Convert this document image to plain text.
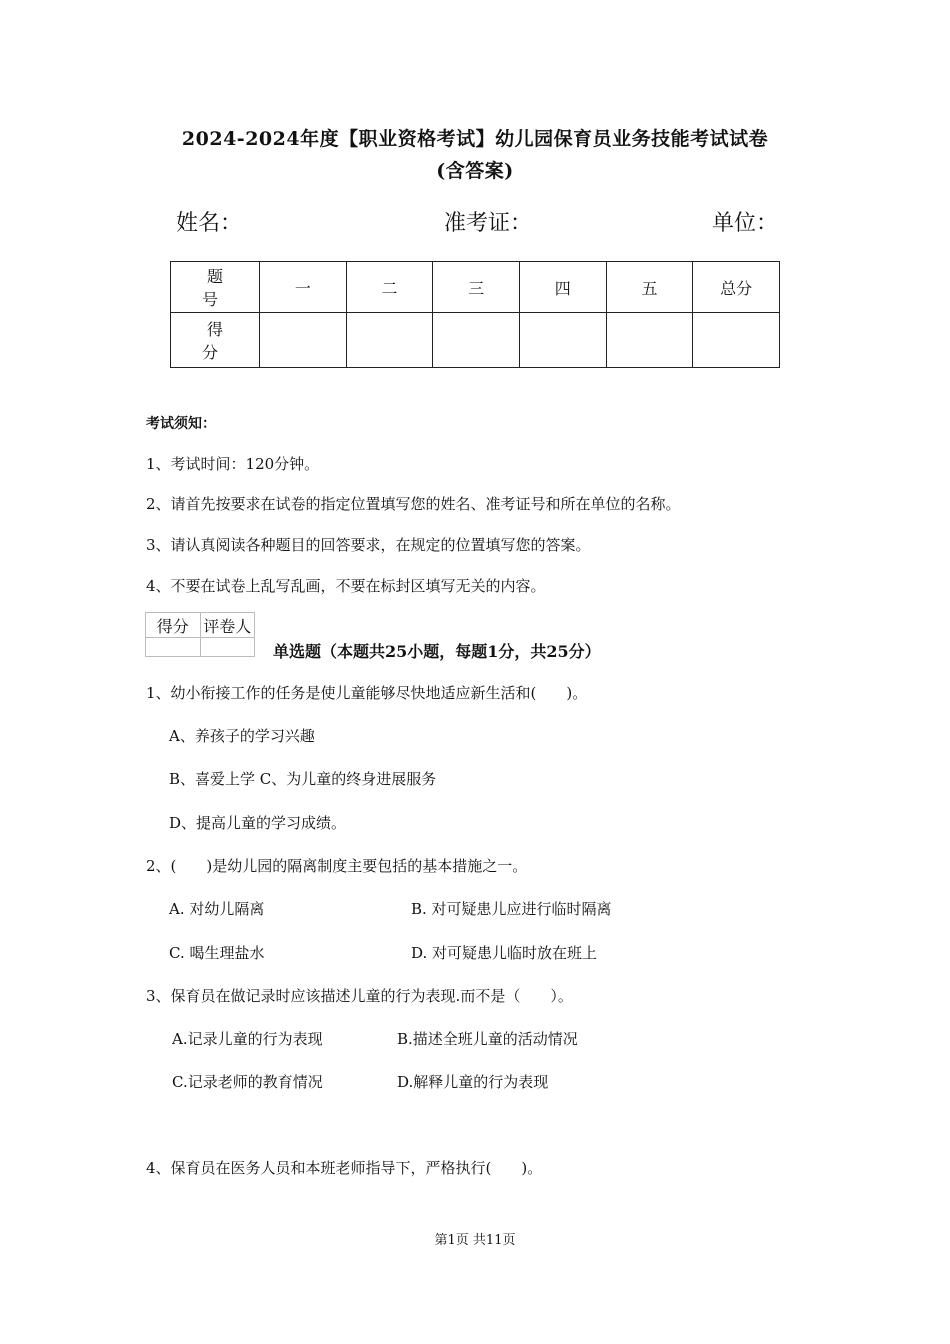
2024-2024年度【职业资格考试】幼儿园保育员业务技能考试试卷
(含答案)
姓名：	准考证：	单位：
题　号	一	二	三	四	五	总分
得　分						
考试须知：
1、考试时间：120分钟。
2、请首先按要求在试卷的指定位置填写您的姓名、准考证号和所在单位的名称。
3、请认真阅读各种题目的回答要求，在规定的位置填写您的答案。
4、不要在试卷上乱写乱画，不要在标封区填写无关的内容。
得分	评卷人

单选题（本题共25小题，每题1分，共25分）
1、幼小衔接工作的任务是使儿童能够尽快地适应新生活和(　　)。
A、养孩子的学习兴趣
B、喜爱上学 C、为儿童的终身进展服务
D、提高儿童的学习成绩。
2、(　　)是幼儿园的隔离制度主要包括的基本措施之一。
A. 对幼儿隔离	B. 对可疑患儿应进行临时隔离
C. 喝生理盐水	D. 对可疑患儿临时放在班上
3、保育员在做记录时应该描述儿童的行为表现.而不是（　　）。
A.记录儿童的行为表现	B.描述全班儿童的活动情况
C.记录老师的教育情况	D.解释儿童的行为表现
4、保育员在医务人员和本班老师指导下，严格执行(　　)。
第1页 共11页
